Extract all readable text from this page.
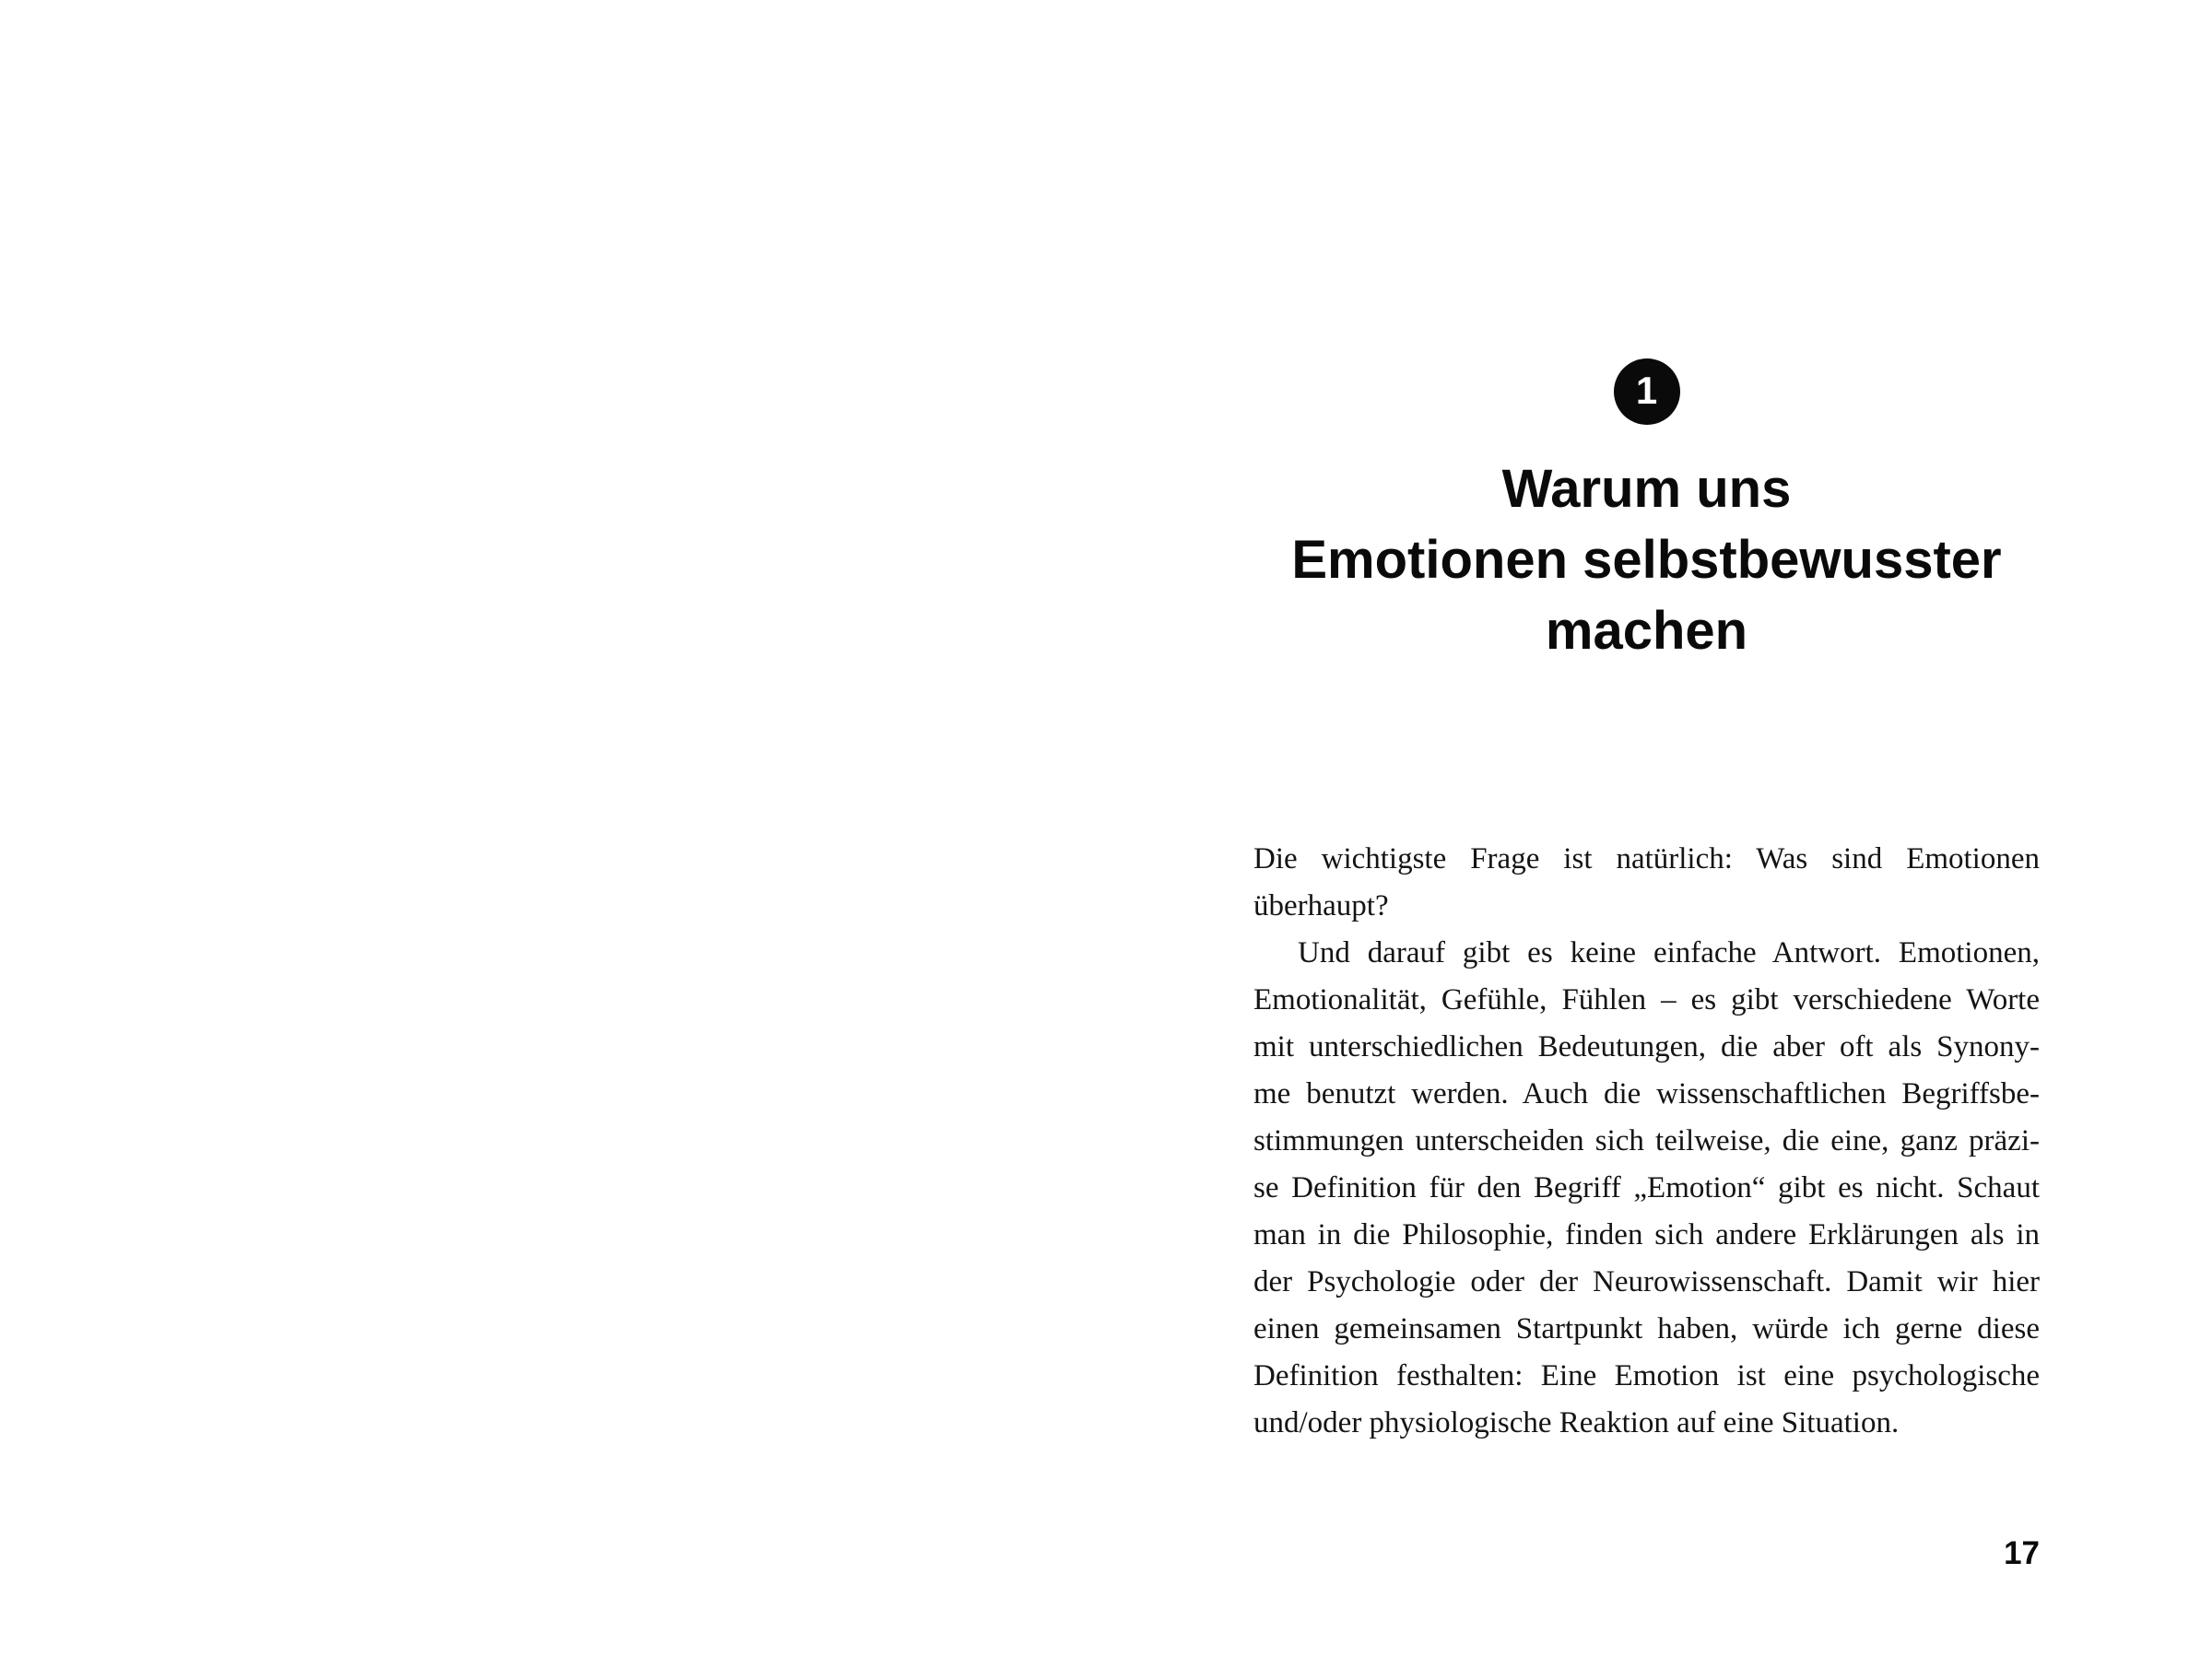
1
Warum uns
Emotionen selbstbewusster
machen
Die wichtigste Frage ist natürlich: Was sind Emotionen
überhaupt?
Und darauf gibt es keine einfache Antwort. Emotionen,
Emotionalität, Gefühle, Fühlen – es gibt verschiedene Worte
mit unterschiedlichen Bedeutungen, die aber oft als Synony-
me benutzt werden. Auch die wissenschaftlichen Begriffsbe-
stimmungen unterscheiden sich teilweise, die eine, ganz präzi-
se Definition für den Begriff „Emotion“ gibt es nicht. Schaut
man in die Philosophie, finden sich andere Erklärungen als in
der Psychologie oder der Neurowissenschaft. Damit wir hier
einen gemeinsamen Startpunkt haben, würde ich gerne diese
Definition festhalten: Eine Emotion ist eine psychologische
und/oder physiologische Reaktion auf eine Situation.
17
